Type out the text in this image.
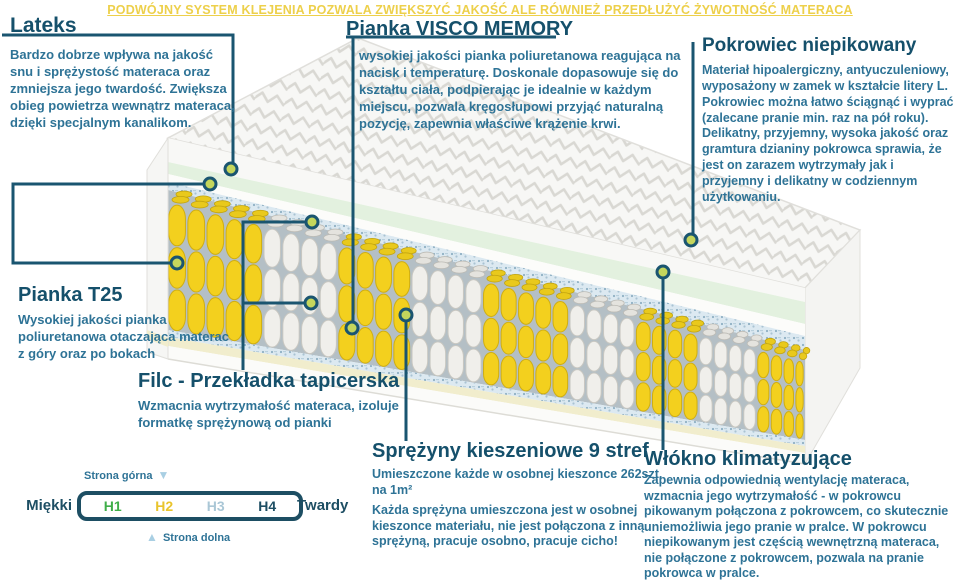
PODWÓJNY SYSTEM KLEJENIA POZWALA ZWIĘKSZYĆ JAKOŚĆ ALE RÓWNIEŻ PRZEDŁUŻYĆ ŻYWOTNOŚĆ MATERACA
Lateks

Bardzo dobrze wpływa na jakość snu i sprężystość materaca oraz zmniejsza jego twardość. Zwiększa obieg powietrza wewnątrz materaca, dzięki specjalnym kanalikom.

Pianka VISCO MEMORY

wysokiej jakości pianka poliuretanowa reagująca na nacisk i temperaturę. Doskonale dopasowuje się do kształtu ciała, podpierając je idealnie w każdym miejscu, pozwala kręgosłupowi przyjąć naturalną pozycję, zapewnia właściwe krążenie krwi.

Pokrowiec niepikowany

Materiał hipoalergiczny, antyuczuleniowy, wyposażony w zamek w kształcie litery L. Pokrowiec można łatwo ściągnąć i wyprać (zalecane pranie min. raz na pół roku). Delikatny, przyjemny, wysoka jakość oraz gramtura dzianiny pokrowca sprawia, że jest on zarazem wytrzymały jak i przyjemny i delikatny w codziennym użytkowaniu.

Pianka T25

Wysokiej jakości pianka poliuretanowa otaczająca materac z góry oraz po bokach

Filc - Przekładka tapicerska

Wzmacnia wytrzymałość materaca, izoluje formatkę sprężynową od pianki

Sprężyny kieszeniowe 9 stref

Umieszczone każde w osobnej kieszonce 262szt. na 1m²

Każda sprężyna umieszczona jest w osobnej kieszonce materiału, nie jest połączona z inną sprężyną, pracuje osobno, pracuje cicho!

Włókno klimatyzujące

Zapewnia odpowiednią wentylację materaca, wzmacnia jego wytrzymałość - w pokrowcu pikowanym połączona z pokrowcem, co skutecznie uniemożliwia jego pranie w pralce. W pokrowcu niepikowanym jest częścią wewnętrzną materaca, nie połączone z pokrowcem, pozwala na pranie pokrowca w pralce.

Strona górna ▼
Miękki H1 H2 H3 H4 Twardy
▲ Strona dolna
